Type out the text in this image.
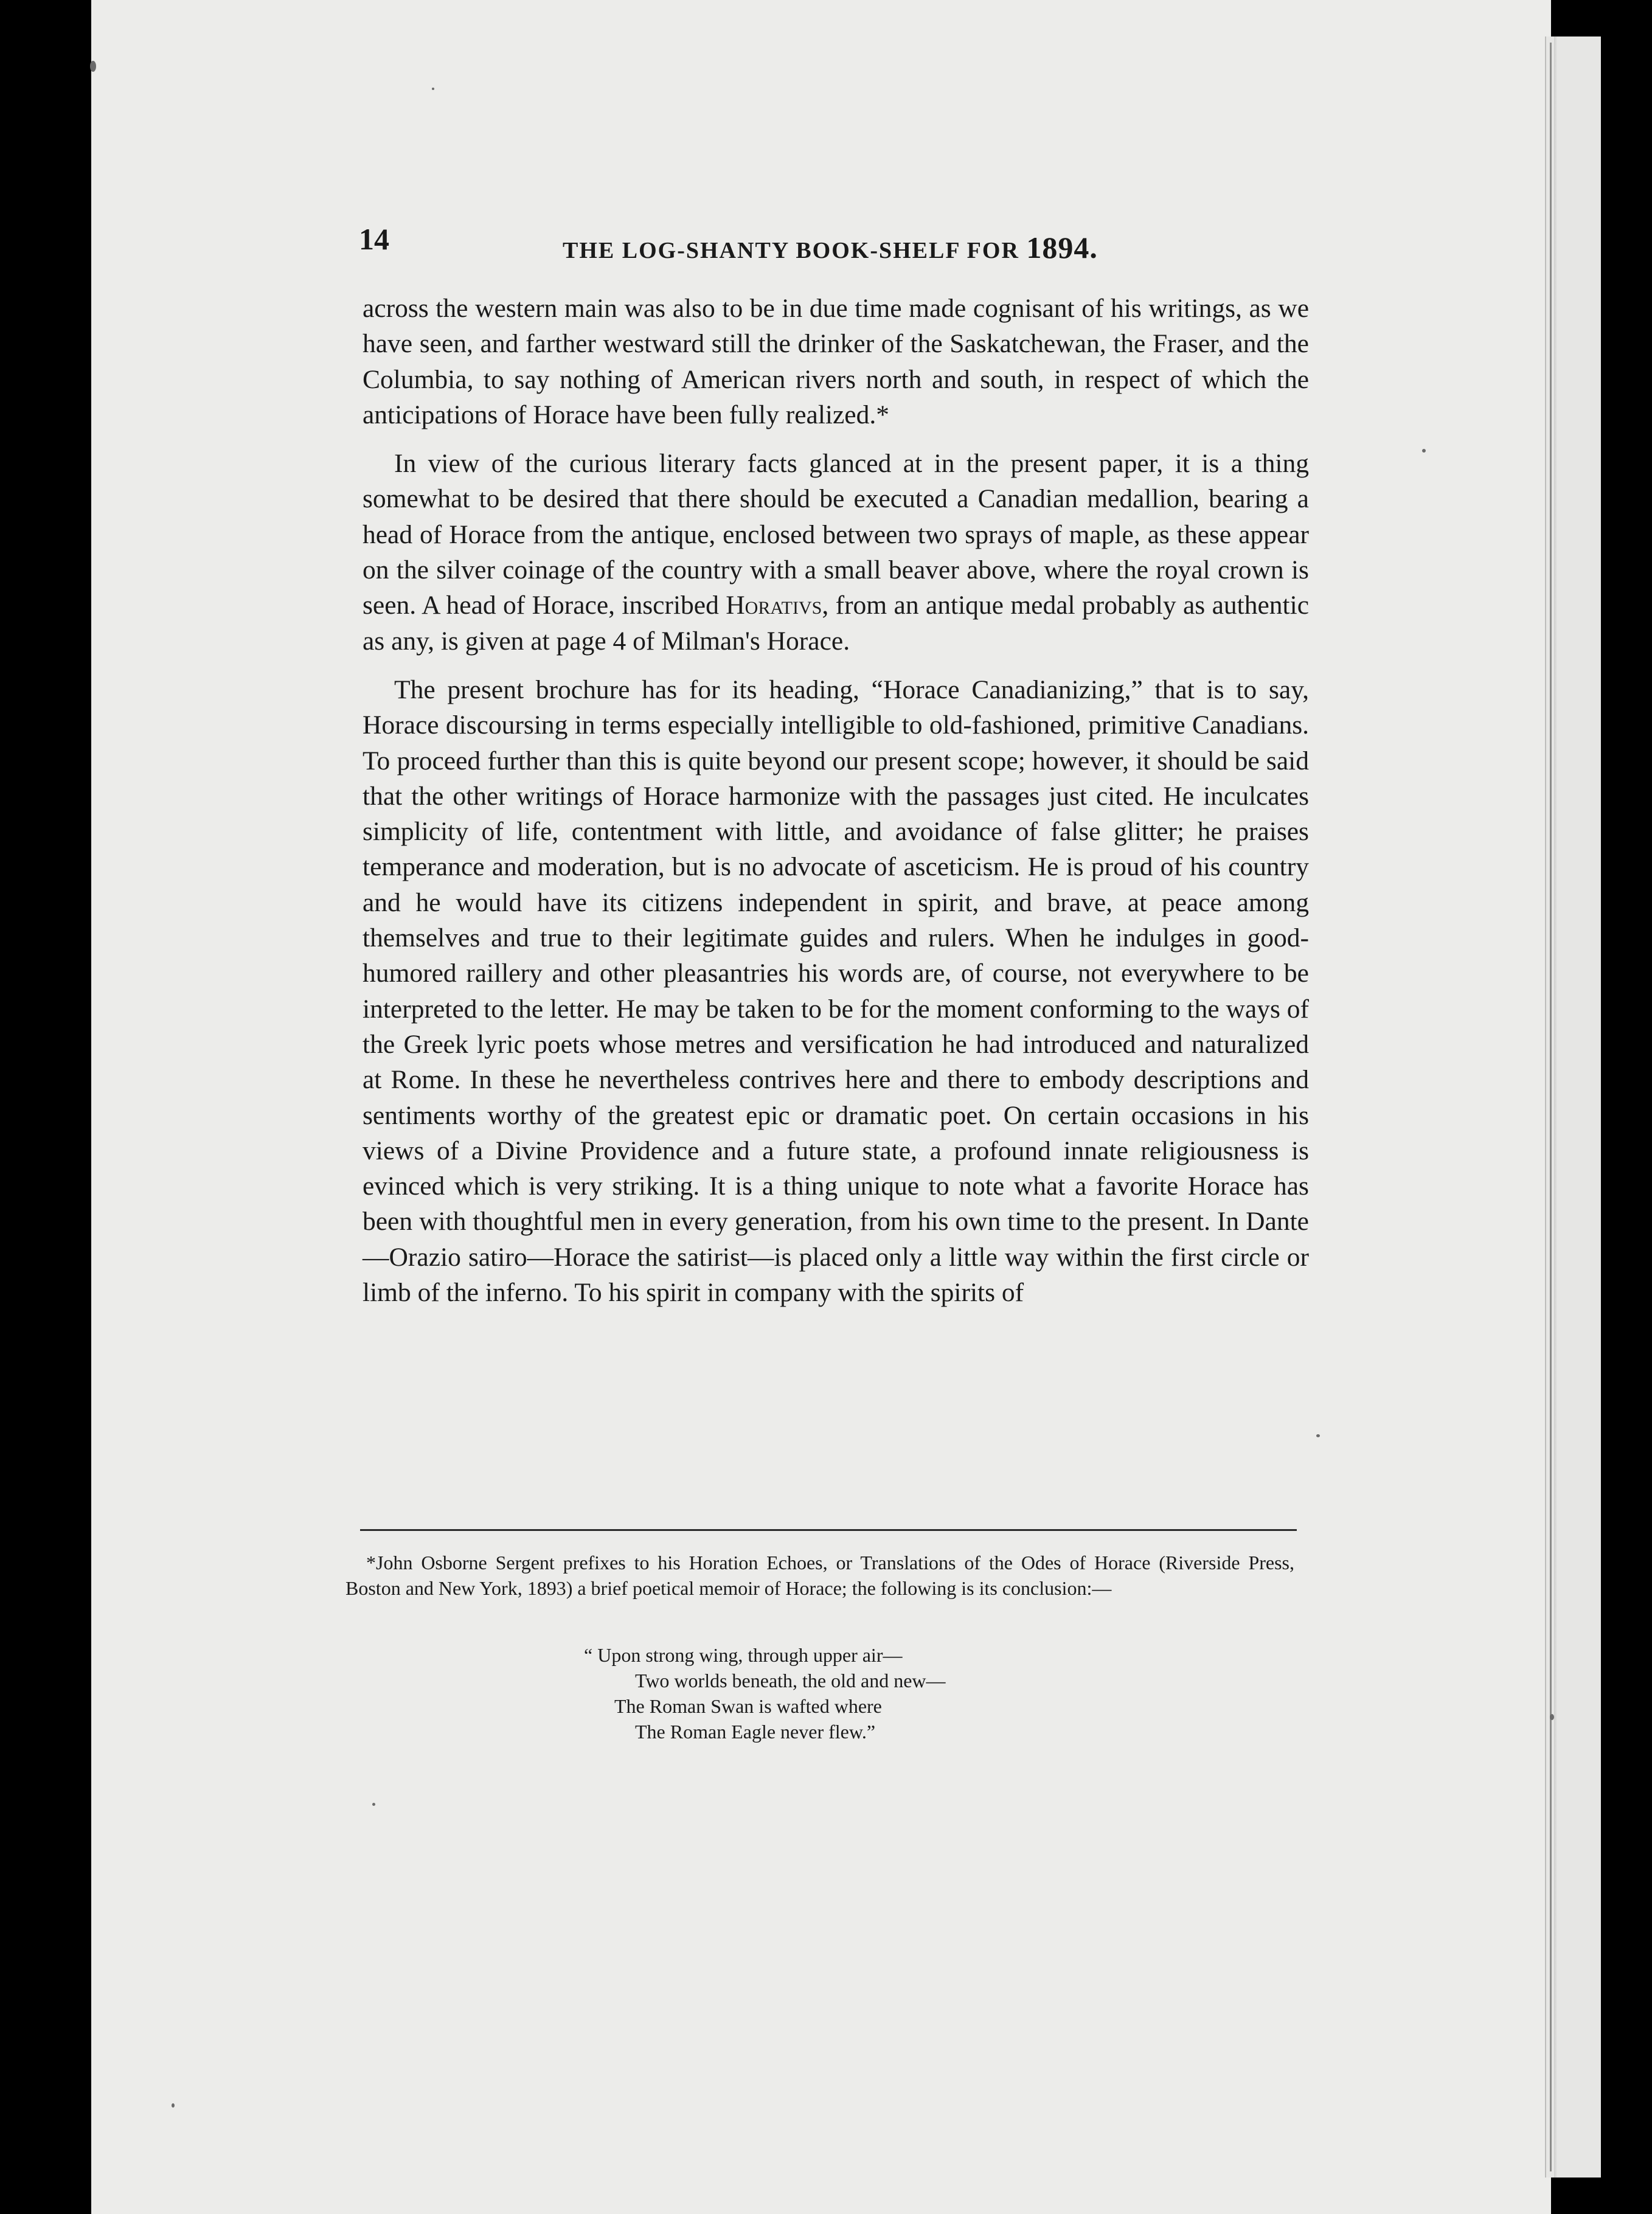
14	THE LOG-SHANTY BOOK-SHELF FOR 1894.

across the western main was also to be in due time made cognisant of his writings, as we have seen, and farther westward still the drinker of the Saskatchewan, the Fraser, and the Columbia, to say nothing of American rivers north and south, in respect of which the anticipations of Horace have been fully realized.*

In view of the curious literary facts glanced at in the present paper, it is a thing somewhat to be desired that there should be executed a Canadian medallion, bearing a head of Horace from the antique, enclosed between two sprays of maple, as these appear on the silver coinage of the country with a small beaver above, where the royal crown is seen. A head of Horace, inscribed Horativs, from an antique medal probably as authentic as any, is given at page 4 of Milman's Horace.

The present brochure has for its heading, “Horace Canadianizing,” that is to say, Horace discoursing in terms especially intelligible to old-fashioned, primitive Canadians. To proceed further than this is quite beyond our present scope; however, it should be said that the other writings of Horace harmonize with the passages just cited. He inculcates simplicity of life, contentment with little, and avoidance of false glitter; he praises temperance and moderation, but is no advocate of asceticism. He is proud of his country and he would have its citizens independent in spirit, and brave, at peace among themselves and true to their legitimate guides and rulers. When he indulges in good-humored raillery and other pleasantries his words are, of course, not everywhere to be interpreted to the letter. He may be taken to be for the moment conforming to the ways of the Greek lyric poets whose metres and versification he had introduced and naturalized at Rome. In these he nevertheless contrives here and there to embody descriptions and sentiments worthy of the greatest epic or dramatic poet. On certain occasions in his views of a Divine Providence and a future state, a profound innate religiousness is evinced which is very striking. It is a thing unique to note what a favorite Horace has been with thoughtful men in every generation, from his own time to the present. In Dante—Orazio satiro—Horace the satirist—is placed only a little way within the first circle or limb of the inferno. To his spirit in company with the spirits of

*John Osborne Sergent prefixes to his Horation Echoes, or Translations of the Odes of Horace (Riverside Press, Boston and New York, 1893) a brief poetical memoir of Horace; the following is its conclusion:—

“ Upon strong wing, through upper air—
Two worlds beneath, the old and new—
The Roman Swan is wafted where
The Roman Eagle never flew.”
